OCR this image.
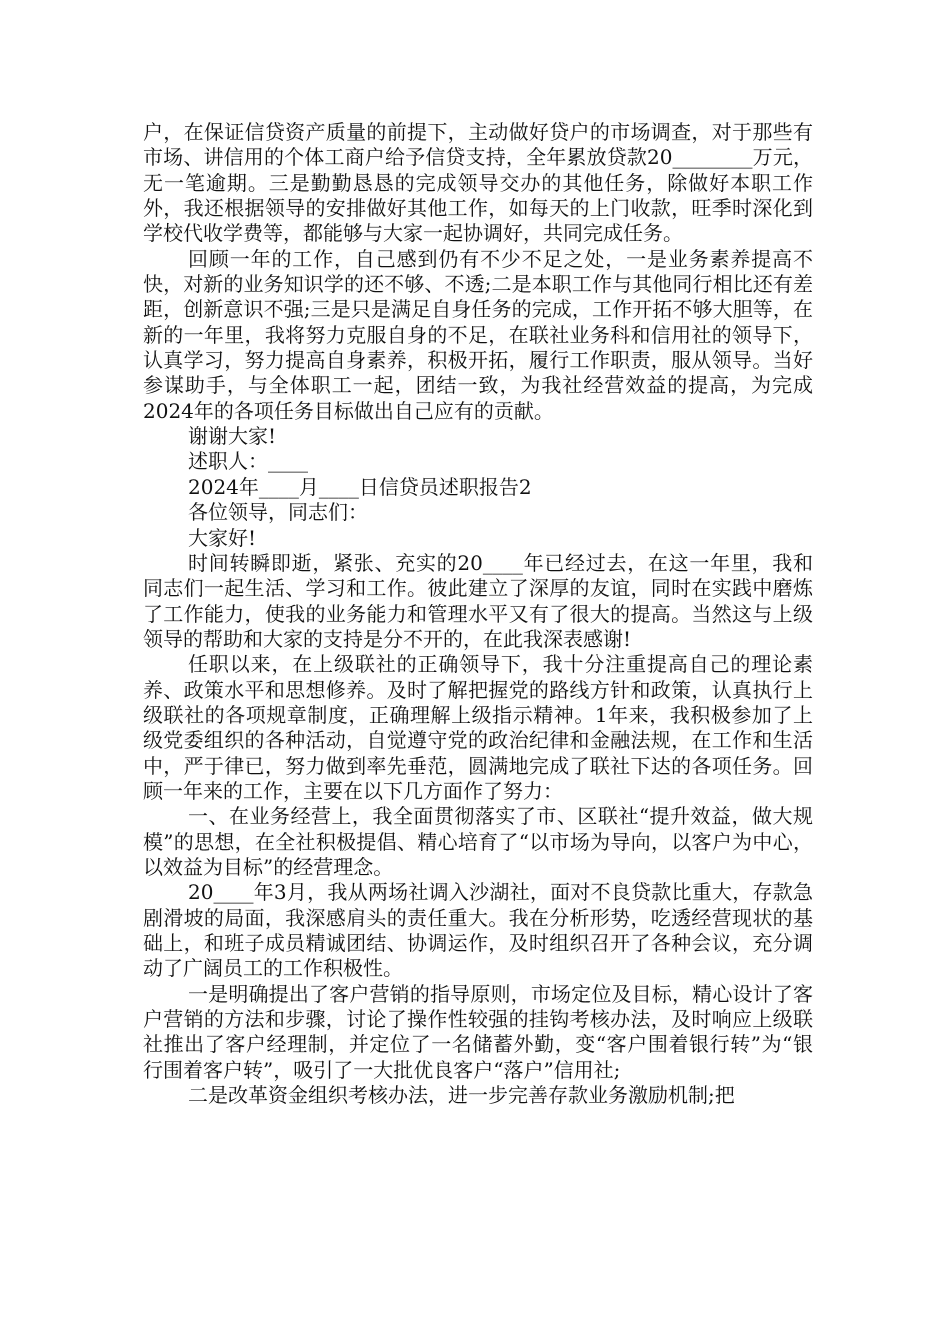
户，在保证信贷资产质量的前提下，主动做好贷户的市场调查，对于那些有市场、讲信用的个体工商户给予信贷支持，全年累放贷款20________万元，无一笔逾期。三是勤勤恳恳的完成领导交办的其他任务，除做好本职工作外，我还根据领导的安排做好其他工作，如每天的上门收款，旺季时深化到学校代收学费等，都能够与大家一起协调好，共同完成任务。

回顾一年的工作，自己感到仍有不少不足之处，一是业务素养提高不快，对新的业务知识学的还不够、不透;二是本职工作与其他同行相比还有差距，创新意识不强;三是只是满足自身任务的完成，工作开拓不够大胆等，在新的一年里，我将努力克服自身的不足，在联社业务科和信用社的领导下，认真学习，努力提高自身素养，积极开拓，履行工作职责，服从领导。当好参谋助手，与全体职工一起，团结一致，为我社经营效益的提高，为完成2024年的各项任务目标做出自己应有的贡献。

谢谢大家!

述职人：____

2024年____月____日信贷员述职报告2

各位领导，同志们：

大家好!

时间转瞬即逝，紧张、充实的20____年已经过去，在这一年里，我和同志们一起生活、学习和工作。彼此建立了深厚的友谊，同时在实践中磨炼了工作能力，使我的业务能力和管理水平又有了很大的提高。当然这与上级领导的帮助和大家的支持是分不开的，在此我深表感谢!

任职以来，在上级联社的正确领导下，我十分注重提高自己的理论素养、政策水平和思想修养。及时了解把握党的路线方针和政策，认真执行上级联社的各项规章制度，正确理解上级指示精神。1年来，我积极参加了上级党委组织的各种活动，自觉遵守党的政治纪律和金融法规，在工作和生活中，严于律已，努力做到率先垂范，圆满地完成了联社下达的各项任务。回顾一年来的工作，主要在以下几方面作了努力：

一、在业务经营上，我全面贯彻落实了市、区联社“提升效益，做大规模”的思想，在全社积极提倡、精心培育了“以市场为导向，以客户为中心，以效益为目标”的经营理念。

20____年3月，我从两场社调入沙湖社，面对不良贷款比重大，存款急剧滑坡的局面，我深感肩头的责任重大。我在分析形势，吃透经营现状的基础上，和班子成员精诚团结、协调运作，及时组织召开了各种会议，充分调动了广阔员工的工作积极性。

一是明确提出了客户营销的指导原则，市场定位及目标，精心设计了客户营销的方法和步骤，讨论了操作性较强的挂钩考核办法，及时响应上级联社推出了客户经理制，并定位了一名储蓄外勤，变“客户围着银行转”为“银行围着客户转”，吸引了一大批优良客户“落户”信用社;

二是改革资金组织考核办法，进一步完善存款业务激励机制;把
